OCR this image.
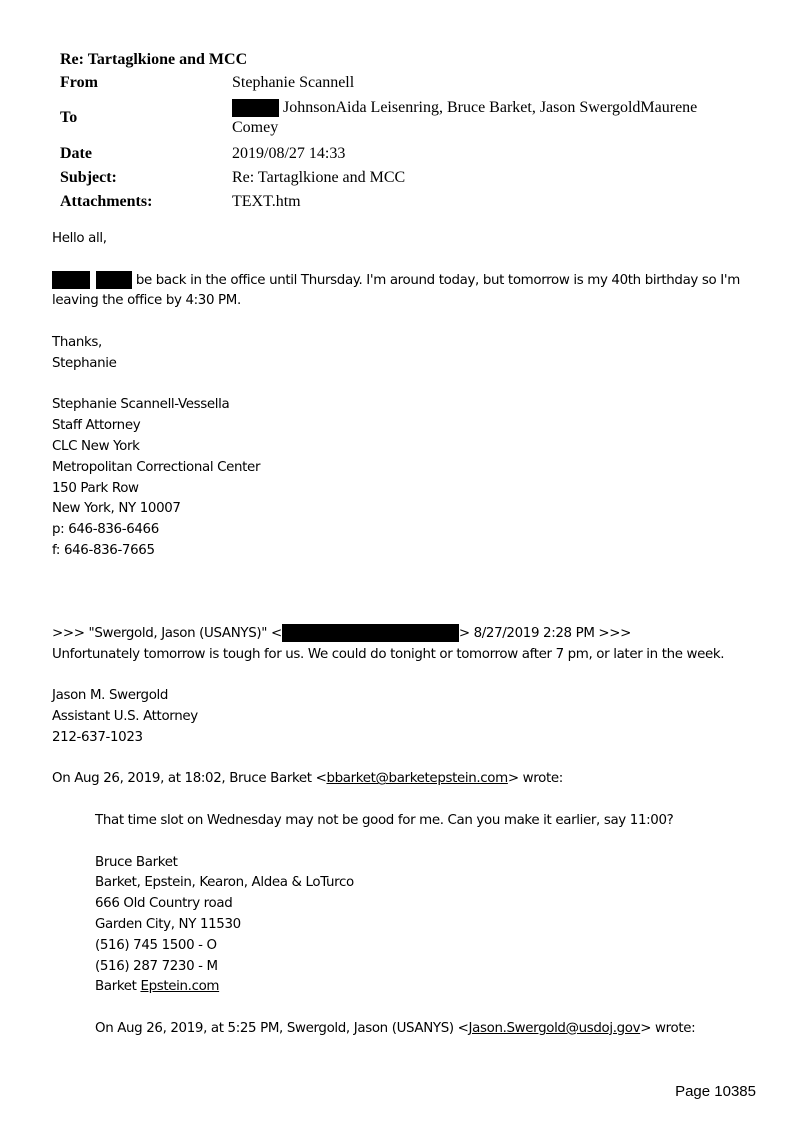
Re: Tartaglkione and MCC
From	Stephanie Scannell
To	JohnsonAida Leisenring, Bruce Barket, Jason SwergoldMaurene
Comey
Date	2019/08/27 14:33
Subject:	Re: Tartaglkione and MCC
Attachments:	TEXT.htm

Hello all,

be back in the office until Thursday. I'm around today, but tomorrow is my 40th birthday so I'm

leaving the office by 4:30 PM.

Thanks,

Stephanie

Stephanie Scannell-Vessella

Staff Attorney

CLC New York

Metropolitan Correctional Center

150 Park Row

New York, NY 10007

p: 646-836-6466

f: 646-836-7665

>>> "Swergold, Jason (USANYS)" <	> 8/27/2019 2:28 PM >>>

Unfortunately tomorrow is tough for us. We could do tonight or tomorrow after 7 pm, or later in the week.

Jason M. Swergold

Assistant U.S. Attorney

212-637-1023

On Aug 26, 2019, at 18:02, Bruce Barket <bbarket@barketepstein.com> wrote:

That time slot on Wednesday may not be good for me. Can you make it earlier, say 11:00?

Bruce Barket

Barket, Epstein, Kearon, Aldea & LoTurco

666 Old Country road

Garden City, NY 11530

(516) 745 1500 - O

(516) 287 7230 - M

Barket Epstein.com

On Aug 26, 2019, at 5:25 PM, Swergold, Jason (USANYS) <Jason.Swergold@usdoj.gov> wrote:

Page 10385
